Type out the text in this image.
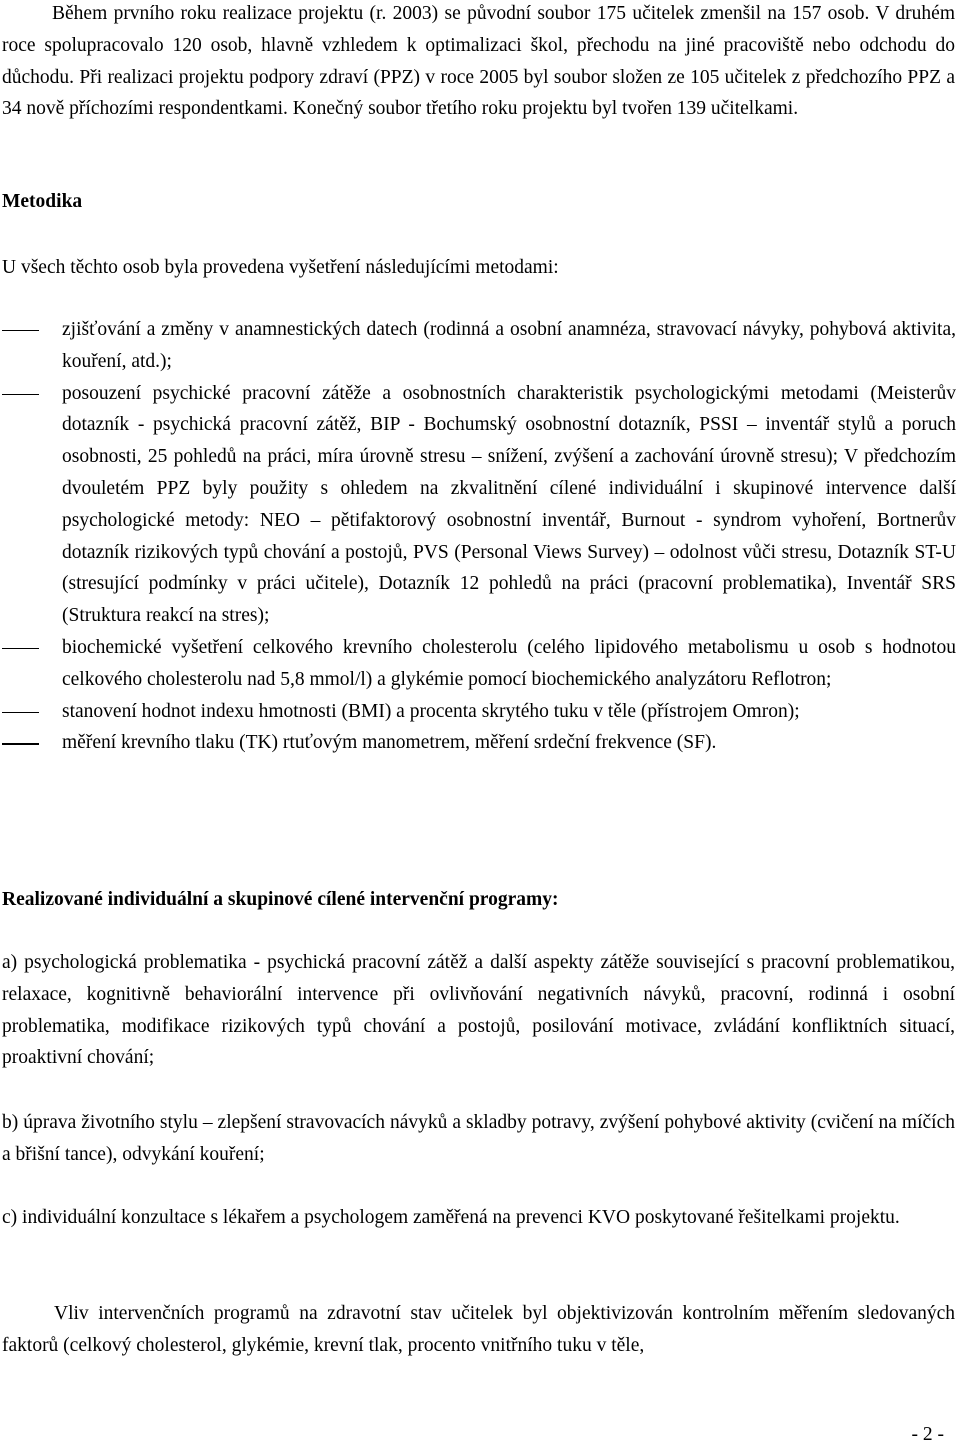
Během prvního roku realizace projektu (r. 2003) se původní soubor 175 učitelek zmenšil na 157 osob. V druhém roce spolupracovalo 120 osob, hlavně vzhledem k optimalizaci škol, přechodu na jiné pracoviště nebo odchodu do důchodu. Při realizaci projektu podpory zdraví (PPZ) v roce 2005 byl soubor složen ze 105 učitelek z předchozího PPZ a 34 nově příchozími respondentkami. Konečný soubor třetího roku projektu byl tvořen 139 učitelkami.

Metodika

U všech těchto osob byla provedena vyšetření následujícími metodami:

zjišťování a změny v anamnestických datech (rodinná a osobní anamnéza, stravovací návyky, pohybová aktivita, kouření, atd.);
posouzení psychické pracovní zátěže a osobnostních charakteristik psychologickými metodami (Meisterův dotazník - psychická pracovní zátěž, BIP - Bochumský osobnostní dotazník, PSSI – inventář stylů a poruch osobnosti, 25 pohledů na práci, míra úrovně stresu – snížení, zvýšení a zachování úrovně stresu); V předchozím dvouletém PPZ byly použity s ohledem na zkvalitnění cílené individuální i skupinové intervence další psychologické metody: NEO – pětifaktorový osobnostní inventář, Burnout - syndrom vyhoření, Bortnerův dotazník rizikových typů chování a postojů, PVS (Personal Views Survey) – odolnost vůči stresu, Dotazník ST-U (stresující podmínky v práci učitele), Dotazník 12 pohledů na práci (pracovní problematika), Inventář SRS (Struktura reakcí na stres);
biochemické vyšetření celkového krevního cholesterolu (celého lipidového metabolismu u osob s hodnotou celkového cholesterolu nad 5,8 mmol/l) a glykémie pomocí biochemického analyzátoru Reflotron;
stanovení hodnot indexu hmotnosti (BMI) a procenta skrytého tuku v těle (přístrojem Omron);
měření krevního tlaku (TK) rtuťovým manometrem, měření srdeční frekvence (SF).

Realizované individuální a skupinové cílené intervenční programy:

a) psychologická problematika - psychická pracovní zátěž a další aspekty zátěže související s pracovní problematikou, relaxace, kognitivně behaviorální intervence při ovlivňování negativních návyků, pracovní, rodinná i osobní problematika, modifikace rizikových typů chování a postojů, posilování motivace, zvládání konfliktních situací, proaktivní chování;

b) úprava životního stylu – zlepšení stravovacích návyků a skladby potravy, zvýšení pohybové aktivity (cvičení na míčích a břišní tance), odvykání kouření;

c) individuální konzultace s lékařem a psychologem zaměřená na prevenci KVO poskytované řešitelkami projektu.

Vliv intervenčních programů na zdravotní stav učitelek byl objektivizován kontrolním měřením sledovaných faktorů (celkový cholesterol, glykémie, krevní tlak, procento vnitřního tuku v těle,

- 2 -
